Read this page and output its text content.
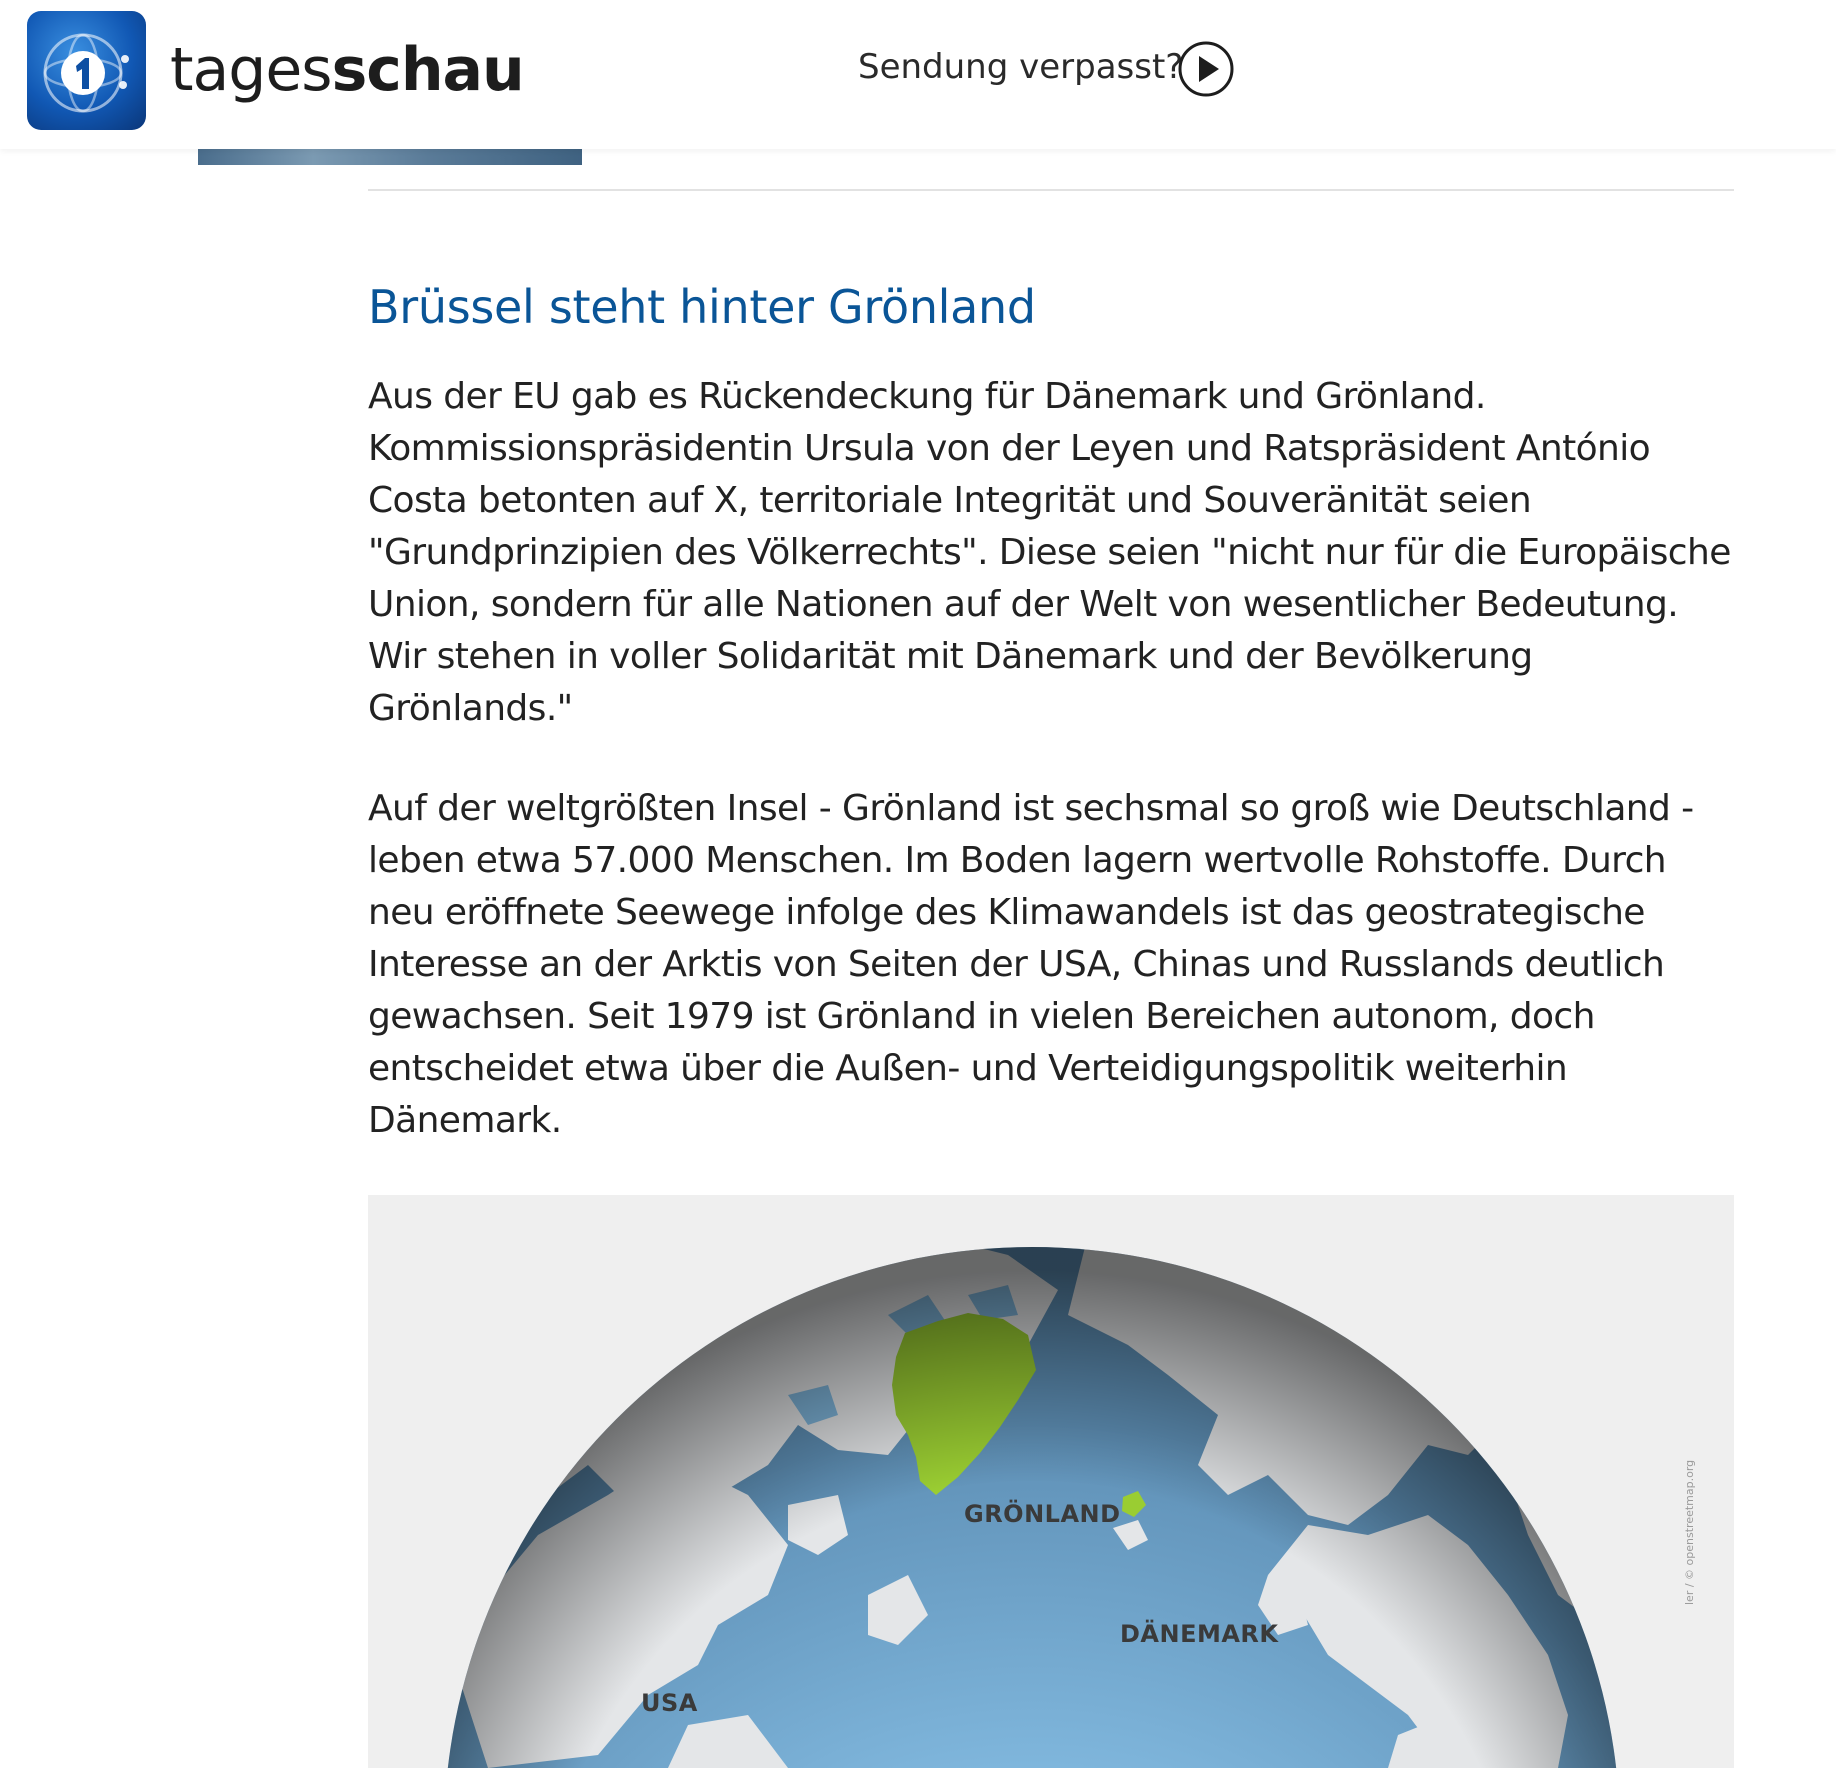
tagesschau	Sendung verpasst?
Brüssel steht hinter Grönland

Aus der EU gab es Rückendeckung für Dänemark und Grönland.
Kommissionspräsidentin Ursula von der Leyen und Ratspräsident António
Costa betonten auf X, territoriale Integrität und Souveränität seien
"Grundprinzipien des Völkerrechts". Diese seien "nicht nur für die Europäische
Union, sondern für alle Nationen auf der Welt von wesentlicher Bedeutung.
Wir stehen in voller Solidarität mit Dänemark und der Bevölkerung
Grönlands."

Auf der weltgrößten Insel - Grönland ist sechsmal so groß wie Deutschland -
leben etwa 57.000 Menschen. Im Boden lagern wertvolle Rohstoffe. Durch
neu eröffnete Seewege infolge des Klimawandels ist das geostrategische
Interesse an der Arktis von Seiten der USA, Chinas und Russlands deutlich
gewachsen. Seit 1979 ist Grönland in vielen Bereichen autonom, doch
entscheidet etwa über die Außen- und Verteidigungspolitik weiterhin
Dänemark.

GRÖNLAND
DÄNEMARK
USA
ler / © openstreetmap.org
